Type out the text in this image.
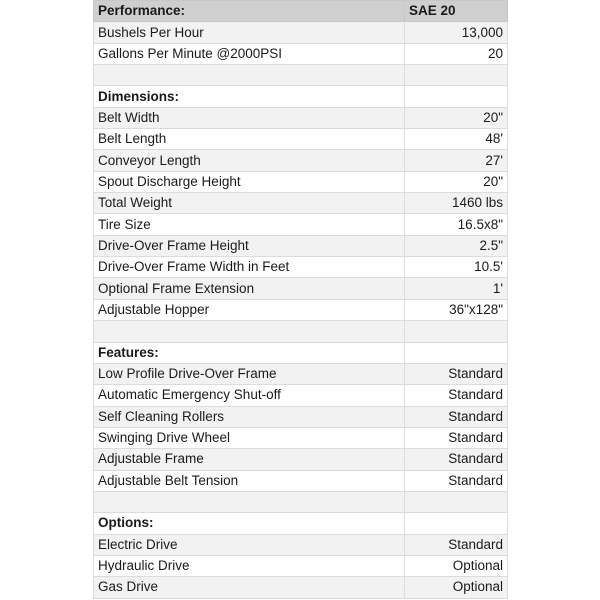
Performance:	SAE 20
Bushels Per Hour	13,000
Gallons Per Minute @2000PSI	20

Dimensions:	
Belt Width	20"
Belt Length	48'
Conveyor Length	27'
Spout Discharge Height	20"
Total Weight	1460 lbs
Tire Size	16.5x8"
Drive-Over Frame Height	2.5"
Drive-Over Frame Width in Feet	10.5'
Optional Frame Extension	1'
Adjustable Hopper	36"x128"

Features:	
Low Profile Drive-Over Frame	Standard
Automatic Emergency Shut-off	Standard
Self Cleaning Rollers	Standard
Swinging Drive Wheel	Standard
Adjustable Frame	Standard
Adjustable Belt Tension	Standard

Options:	
Electric Drive	Standard
Hydraulic Drive	Optional
Gas Drive	Optional
